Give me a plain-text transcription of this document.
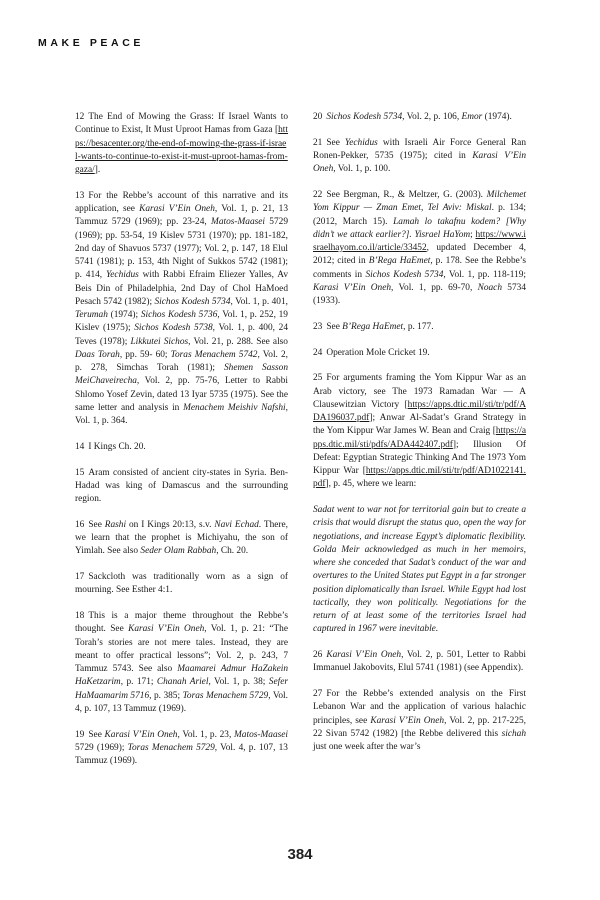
MAKE PEACE

12 The End of Mowing the Grass: If Israel Wants to Continue to Exist, It Must Uproot Hamas from Gaza [https://besacenter.org/the-end-of-mowing-the-grass-if-israel-wants-to-continue-to-exist-it-must-uproot-hamas-from-gaza/].

13 For the Rebbe’s account of this narrative and its application, see Karasi V’Ein Oneh, Vol. 1, p. 21, 13 Tammuz 5729 (1969); pp. 23-24, Matos-Maasei 5729 (1969); pp. 53-54, 19 Kislev 5731 (1970); pp. 181-182, 2nd day of Shavuos 5737 (1977); Vol. 2, p. 147, 18 Elul 5741 (1981); p. 153, 4th Night of Sukkos 5742 (1981); p. 414, Yechidus with Rabbi Efraim Eliezer Yalles, Av Beis Din of Philadelphia, 2nd Day of Chol HaMoed Pesach 5742 (1982); Sichos Kodesh 5734, Vol. 1, p. 401, Terumah (1974); Sichos Kodesh 5736, Vol. 1, p. 252, 19 Kislev (1975); Sichos Kodesh 5738, Vol. 1, p. 400, 24 Teves (1978); Likkutei Sichos, Vol. 21, p. 288. See also Daas Torah, pp. 59- 60; Toras Menachem 5742, Vol. 2, p. 278, Simchas Torah (1981); Shemen Sasson MeiChaveirecha, Vol. 2, pp. 75-76, Letter to Rabbi Shlomo Yosef Zevin, dated 13 Iyar 5735 (1975). See the same letter and analysis in Menachem Meishiv Nafshi, Vol. 1, p. 364.

14 I Kings Ch. 20.

15 Aram consisted of ancient city-states in Syria. Ben-Hadad was king of Damascus and the surrounding region.

16 See Rashi on I Kings 20:13, s.v. Navi Echad. There, we learn that the prophet is Michiyahu, the son of Yimlah. See also Seder Olam Rabbah, Ch. 20.

17 Sackcloth was traditionally worn as a sign of mourning. See Esther 4:1.

18 This is a major theme throughout the Rebbe’s thought. See Karasi V’Ein Oneh, Vol. 1, p. 21: “The Torah’s stories are not mere tales. Instead, they are meant to offer practical lessons”; Vol. 2, p. 243, 7 Tammuz 5743. See also Maamarei Admur HaZakein HaKetzarim, p. 171; Chanah Ariel, Vol. 1, p. 38; Sefer HaMaamarim 5716, p. 385; Toras Menachem 5729, Vol. 4, p. 107, 13 Tammuz (1969).

19 See Karasi V’Ein Oneh, Vol. 1, p. 23, Matos-Maasei 5729 (1969); Toras Menachem 5729, Vol. 4, p. 107, 13 Tammuz (1969).

20 Sichos Kodesh 5734, Vol. 2, p. 106, Emor (1974).

21 See Yechidus with Israeli Air Force General Ran Ronen-Pekker, 5735 (1975); cited in Karasi V’Ein Oneh, Vol. 1, p. 100.

22 See Bergman, R., & Meltzer, G. (2003). Milchemet Yom Kippur — Zman Emet, Tel Aviv: Miskal. p. 134; (2012, March 15). Lamah lo takafnu kodem? [Why didn’t we attack earlier?]. Yisrael HaYom; https://www.israelhayom.co.il/article/33452, updated December 4, 2012; cited in B’Rega HaEmet, p. 178. See the Rebbe’s comments in Sichos Kodesh 5734, Vol. 1, pp. 118-119; Karasi V’Ein Oneh, Vol. 1, pp. 69-70, Noach 5734 (1933).

23 See B’Rega HaEmet, p. 177.

24 Operation Mole Cricket 19.

25 For arguments framing the Yom Kippur War as an Arab victory, see The 1973 Ramadan War — A Clausewitzian Victory [https://apps.dtic.mil/sti/tr/pdf/ADA196037.pdf]; Anwar Al-Sadat’s Grand Strategy in the Yom Kippur War James W. Bean and Craig [https://apps.dtic.mil/sti/pdfs/ADA442407.pdf]; Illusion Of Defeat: Egyptian Strategic Thinking And The 1973 Yom Kippur War [https://apps.dtic.mil/sti/tr/pdf/AD1022141.pdf], p. 45, where we learn:

Sadat went to war not for territorial gain but to create a crisis that would disrupt the status quo, open the way for negotiations, and increase Egypt’s diplomatic flexibility. Golda Meir acknowledged as much in her memoirs, where she conceded that Sadat’s conduct of the war and overtures to the United States put Egypt in a far stronger position diplomatically than Israel. While Egypt had lost tactically, they won politically. Negotiations for the return of at least some of the territories Israel had captured in 1967 were inevitable.

26 Karasi V’Ein Oneh, Vol. 2, p. 501, Letter to Rabbi Immanuel Jakobovits, Elul 5741 (1981) (see Appendix).

27 For the Rebbe’s extended analysis on the First Lebanon War and the application of various halachic principles, see Karasi V’Ein Oneh, Vol. 2, pp. 217-225, 22 Sivan 5742 (1982) [the Rebbe delivered this sichah just one week after the war’s

384
